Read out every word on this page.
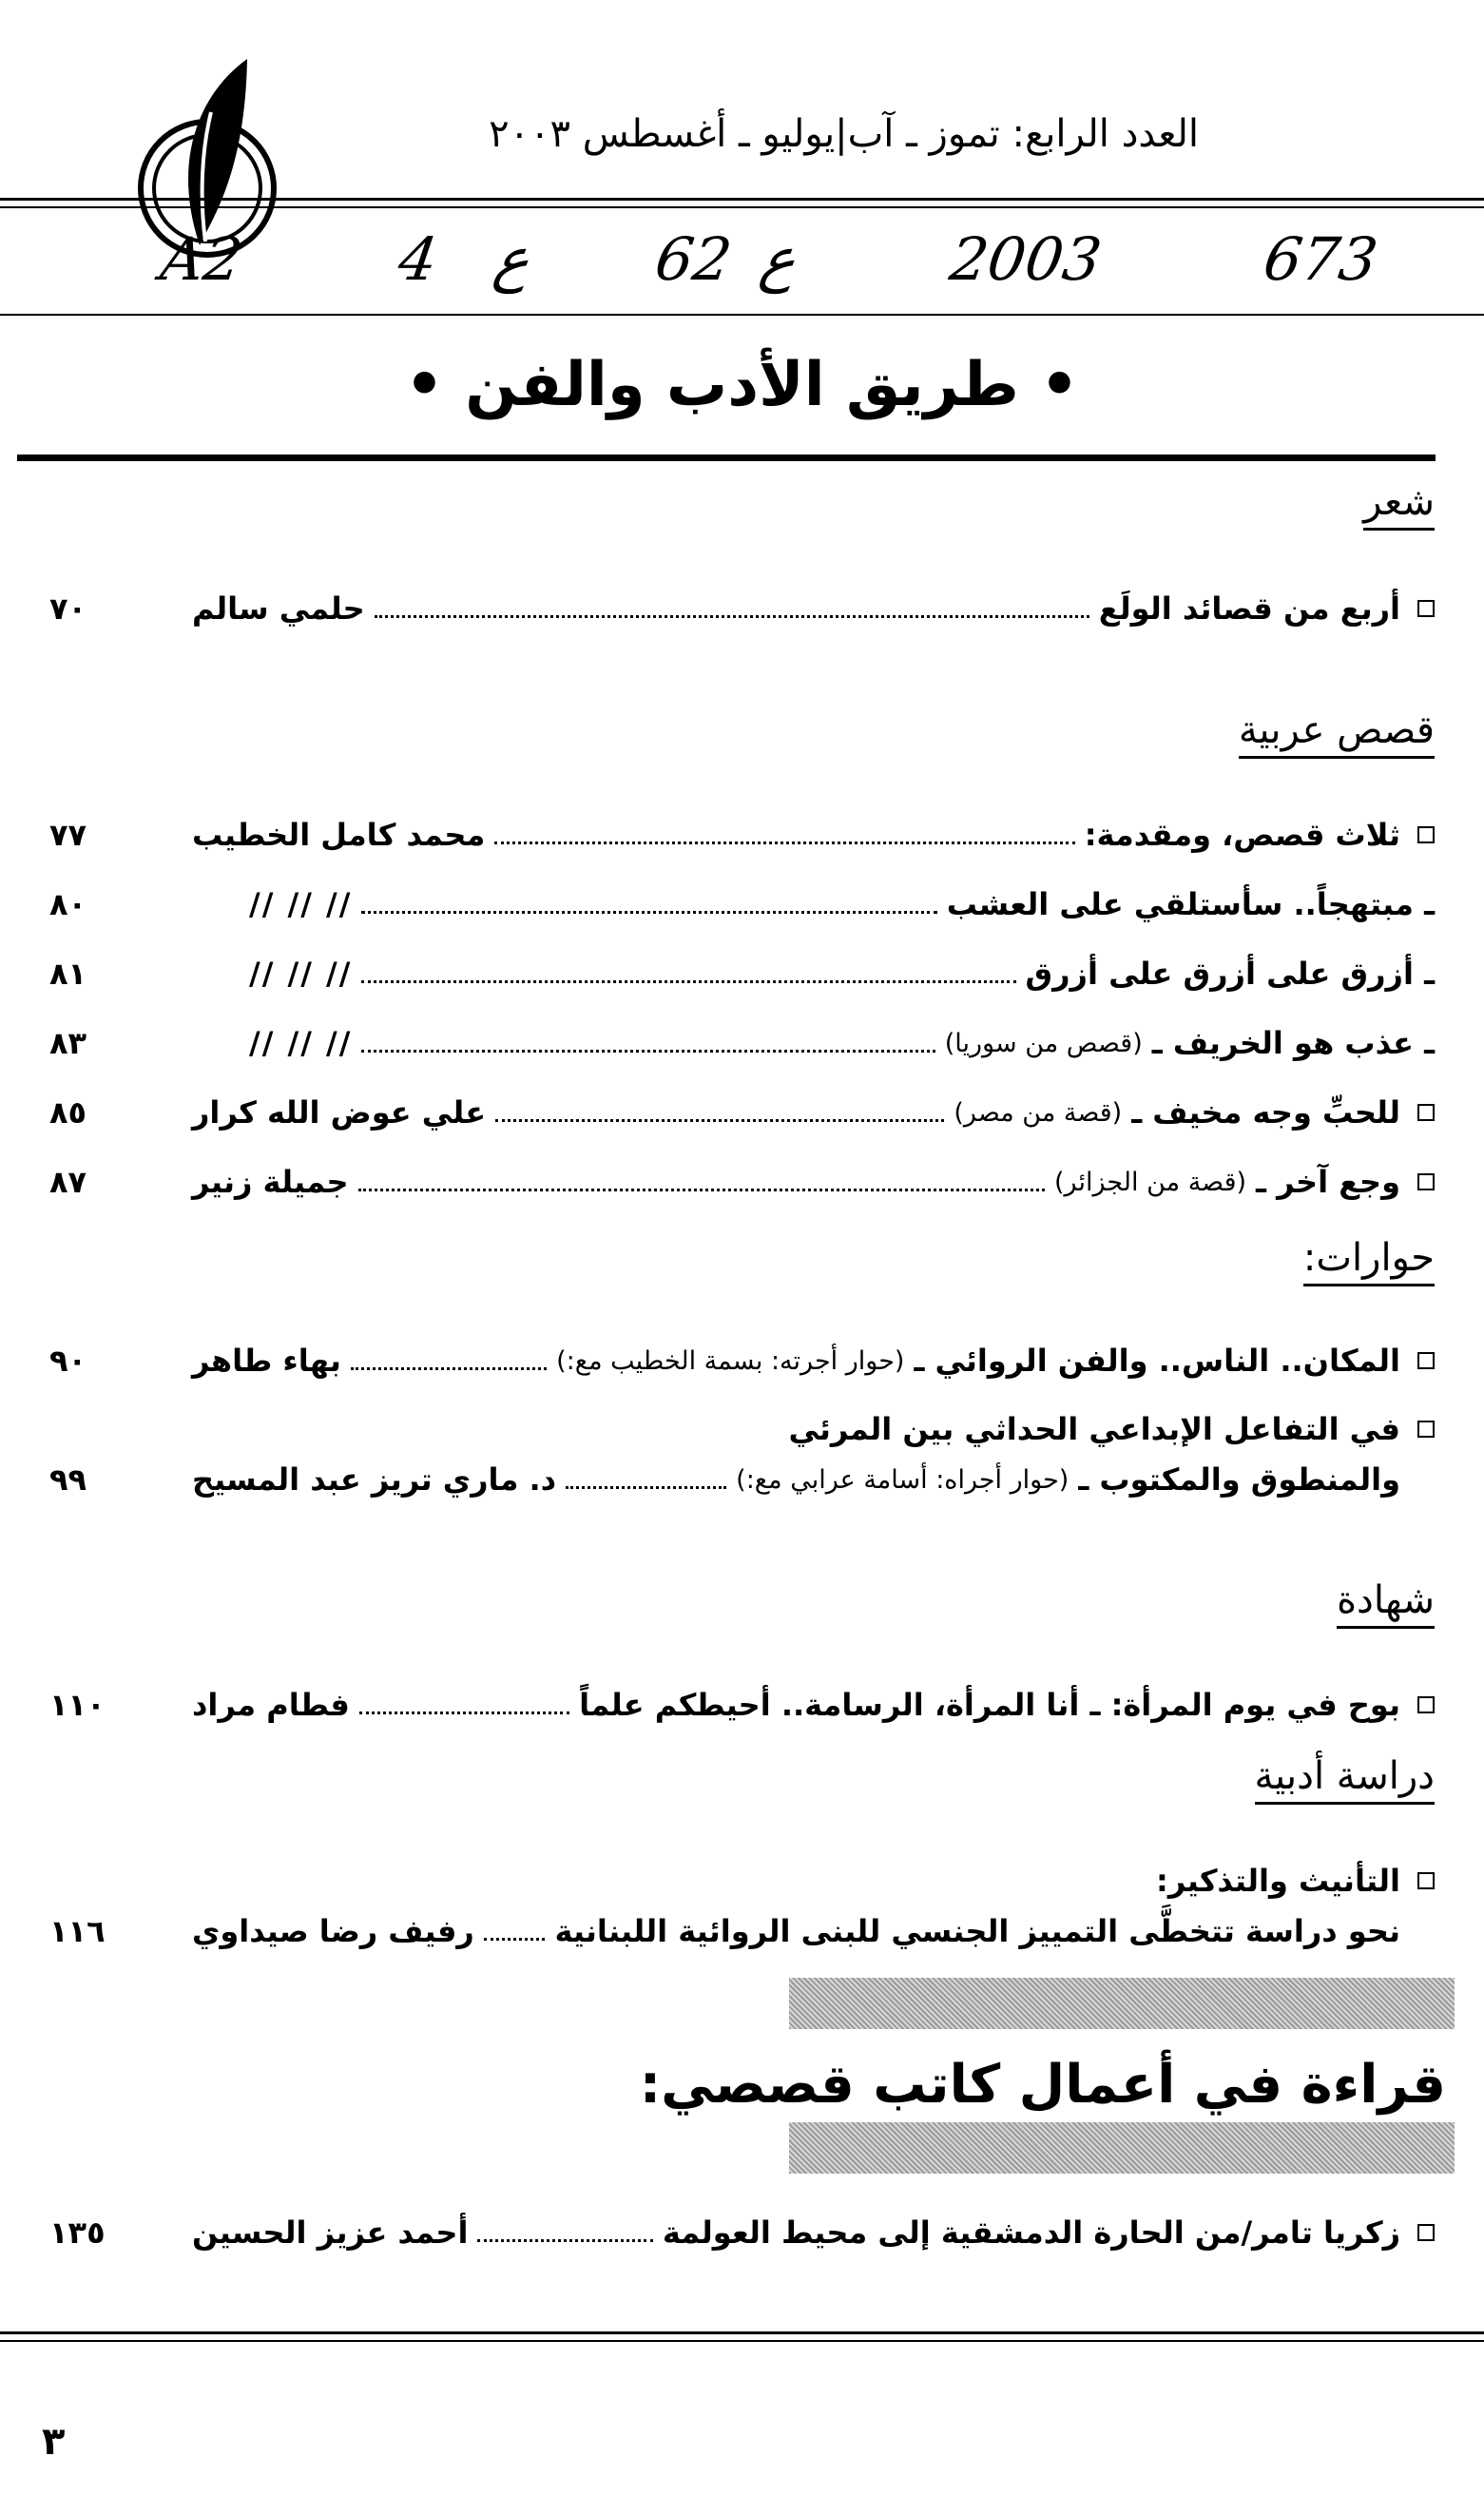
العدد الرابع: تموز ـ آب|يوليو ـ أغسطس ٢٠٠٣
A2	4 ع 62 ع 2003	673
• طريق الأدب والفن •
شعر
أربع من قصائد الولَع
حلمي سالم
٧٠
قصص عربية
ثلاث قصص، ومقدمة:
محمد كامل الخطيب
٧٧
ـ مبتهجاً.. سأستلقي على العشب
// // //
٨٠
ـ أزرق على أزرق على أزرق
// // //
٨١
ـ عذب هو الخريف ـ
(قصص من سوريا)
// // //
٨٣
للحبِّ وجه مخيف ـ
(قصة من مصر)
علي عوض الله كرار
٨٥
وجع آخر ـ
(قصة من الجزائر)
جميلة زنير
٨٧
حوارات:
المكان.. الناس.. والفن الروائي ـ
(حوار أجرته: بسمة الخطيب مع:)
بهاء طاهر
٩٠
في التفاعل الإبداعي الحداثي بين المرئي
والمنطوق والمكتوب ـ
(حوار أجراه: أسامة عرابي مع:)
د. ماري تريز عبد المسيح
٩٩
شهادة
بوح في يوم المرأة: ـ أنا المرأة، الرسامة.. أحيطكم علماً
فطام مراد
١١٠
دراسة أدبية
التأنيث والتذكير:
نحو دراسة تتخطَّى التمييز الجنسي للبنى الروائية اللبنانية
رفيف رضا صيداوي
١١٦
قراءة في أعمال كاتب قصصي:
زكريا تامر/من الحارة الدمشقية إلى محيط العولمة
أحمد عزيز الحسين
١٣٥
٣
